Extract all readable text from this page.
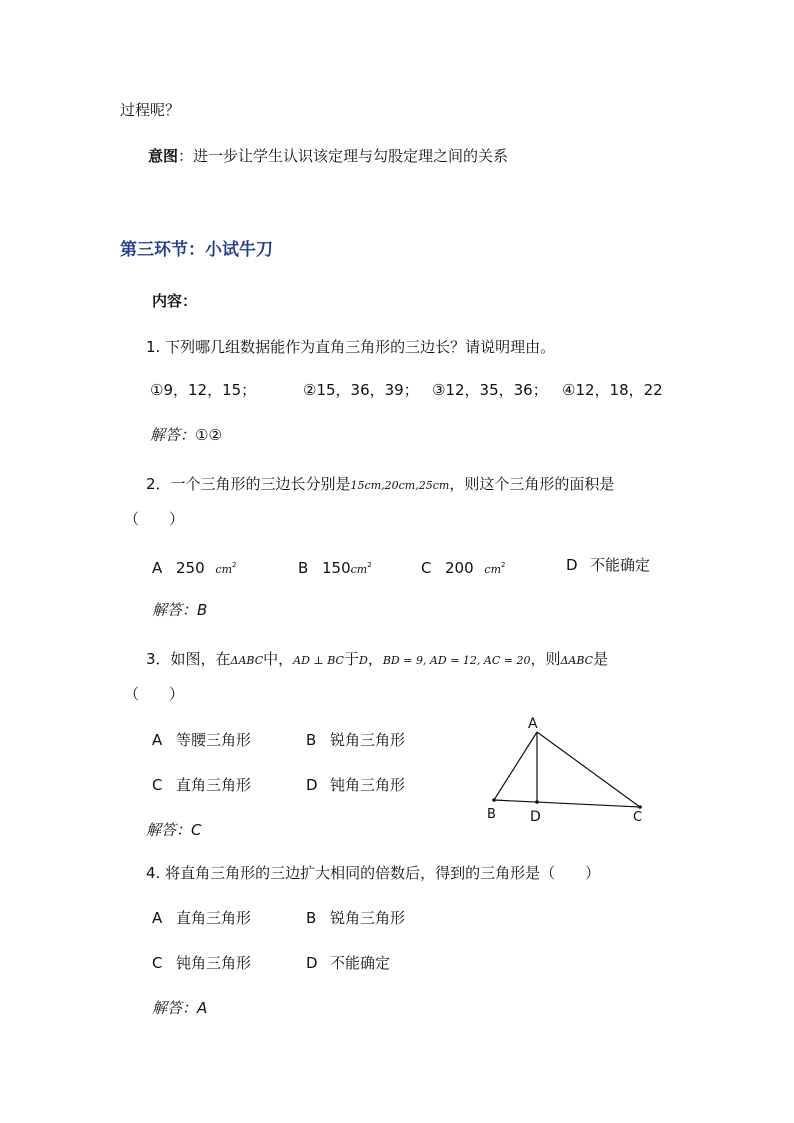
过程呢？
意图：进一步让学生认识该定理与勾股定理之间的关系
第三环节：小试牛刀
内容：
1. 下列哪几组数据能作为直角三角形的三边长？请说明理由。
①9，12，15；	②15，36，39； ③12，35，36； ④12，18，22
解答：①②
2．一个三角形的三边长分别是15cm,20cm,25cm，则这个三角形的面积是
（　　）
A 250 $cm^2$	B $150cm^2$	C 200 $cm^2$	D 不能确定
解答：B
3．如图，在ΔABC中，AD ⊥ BC于D，BD = 9, AD = 12, AC = 20，则ΔABC是
（　　）
A 等腰三角形	B 锐角三角形
C 直角三角形	D 钝角三角形
解答：C
A
B D	C
4. 将直角三角形的三边扩大相同的倍数后，得到的三角形是（　　）
A 直角三角形	B 锐角三角形
C 钝角三角形	D 不能确定
解答：A
